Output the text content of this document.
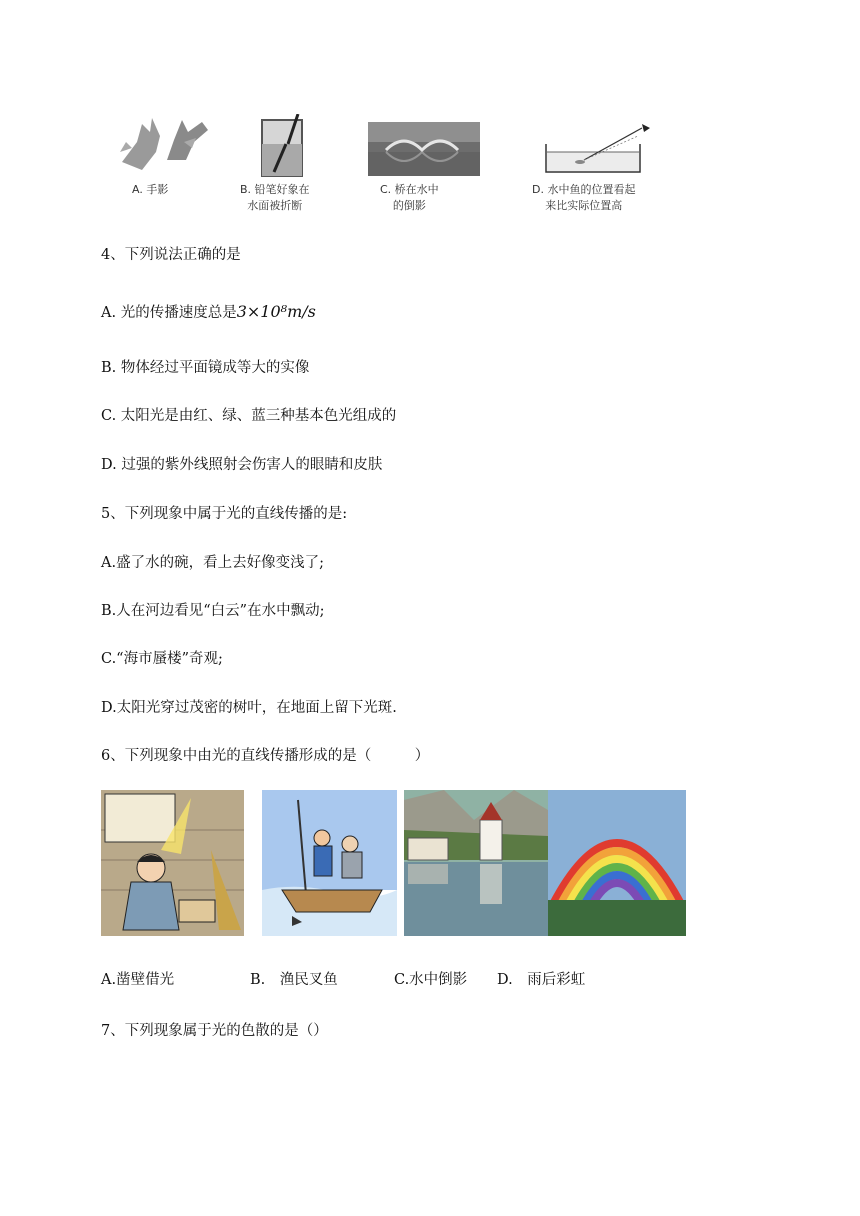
A. 手影	B. 铅笔好象在
水面被折断
C. 桥在水中
的倒影
D. 水中鱼的位置看起
来比实际位置高
4、下列说法正确的是
A. 光的传播速度总是3×10⁸m/s
B. 物体经过平面镜成等大的实像
C. 太阳光是由红、绿、蓝三种基本色光组成的
D. 过强的紫外线照射会伤害人的眼睛和皮肤
5、下列现象中属于光的直线传播的是:
A.盛了水的碗，看上去好像变浅了;
B.人在河边看见“白云”在水中飘动;
C.“海市蜃楼”奇观;
D.太阳光穿过茂密的树叶，在地面上留下光斑.
6、下列现象中由光的直线传播形成的是（　　　）
A.凿壁借光	B.　渔民叉鱼	C.水中倒影 D.　雨后彩虹
7、下列现象属于光的色散的是（）
